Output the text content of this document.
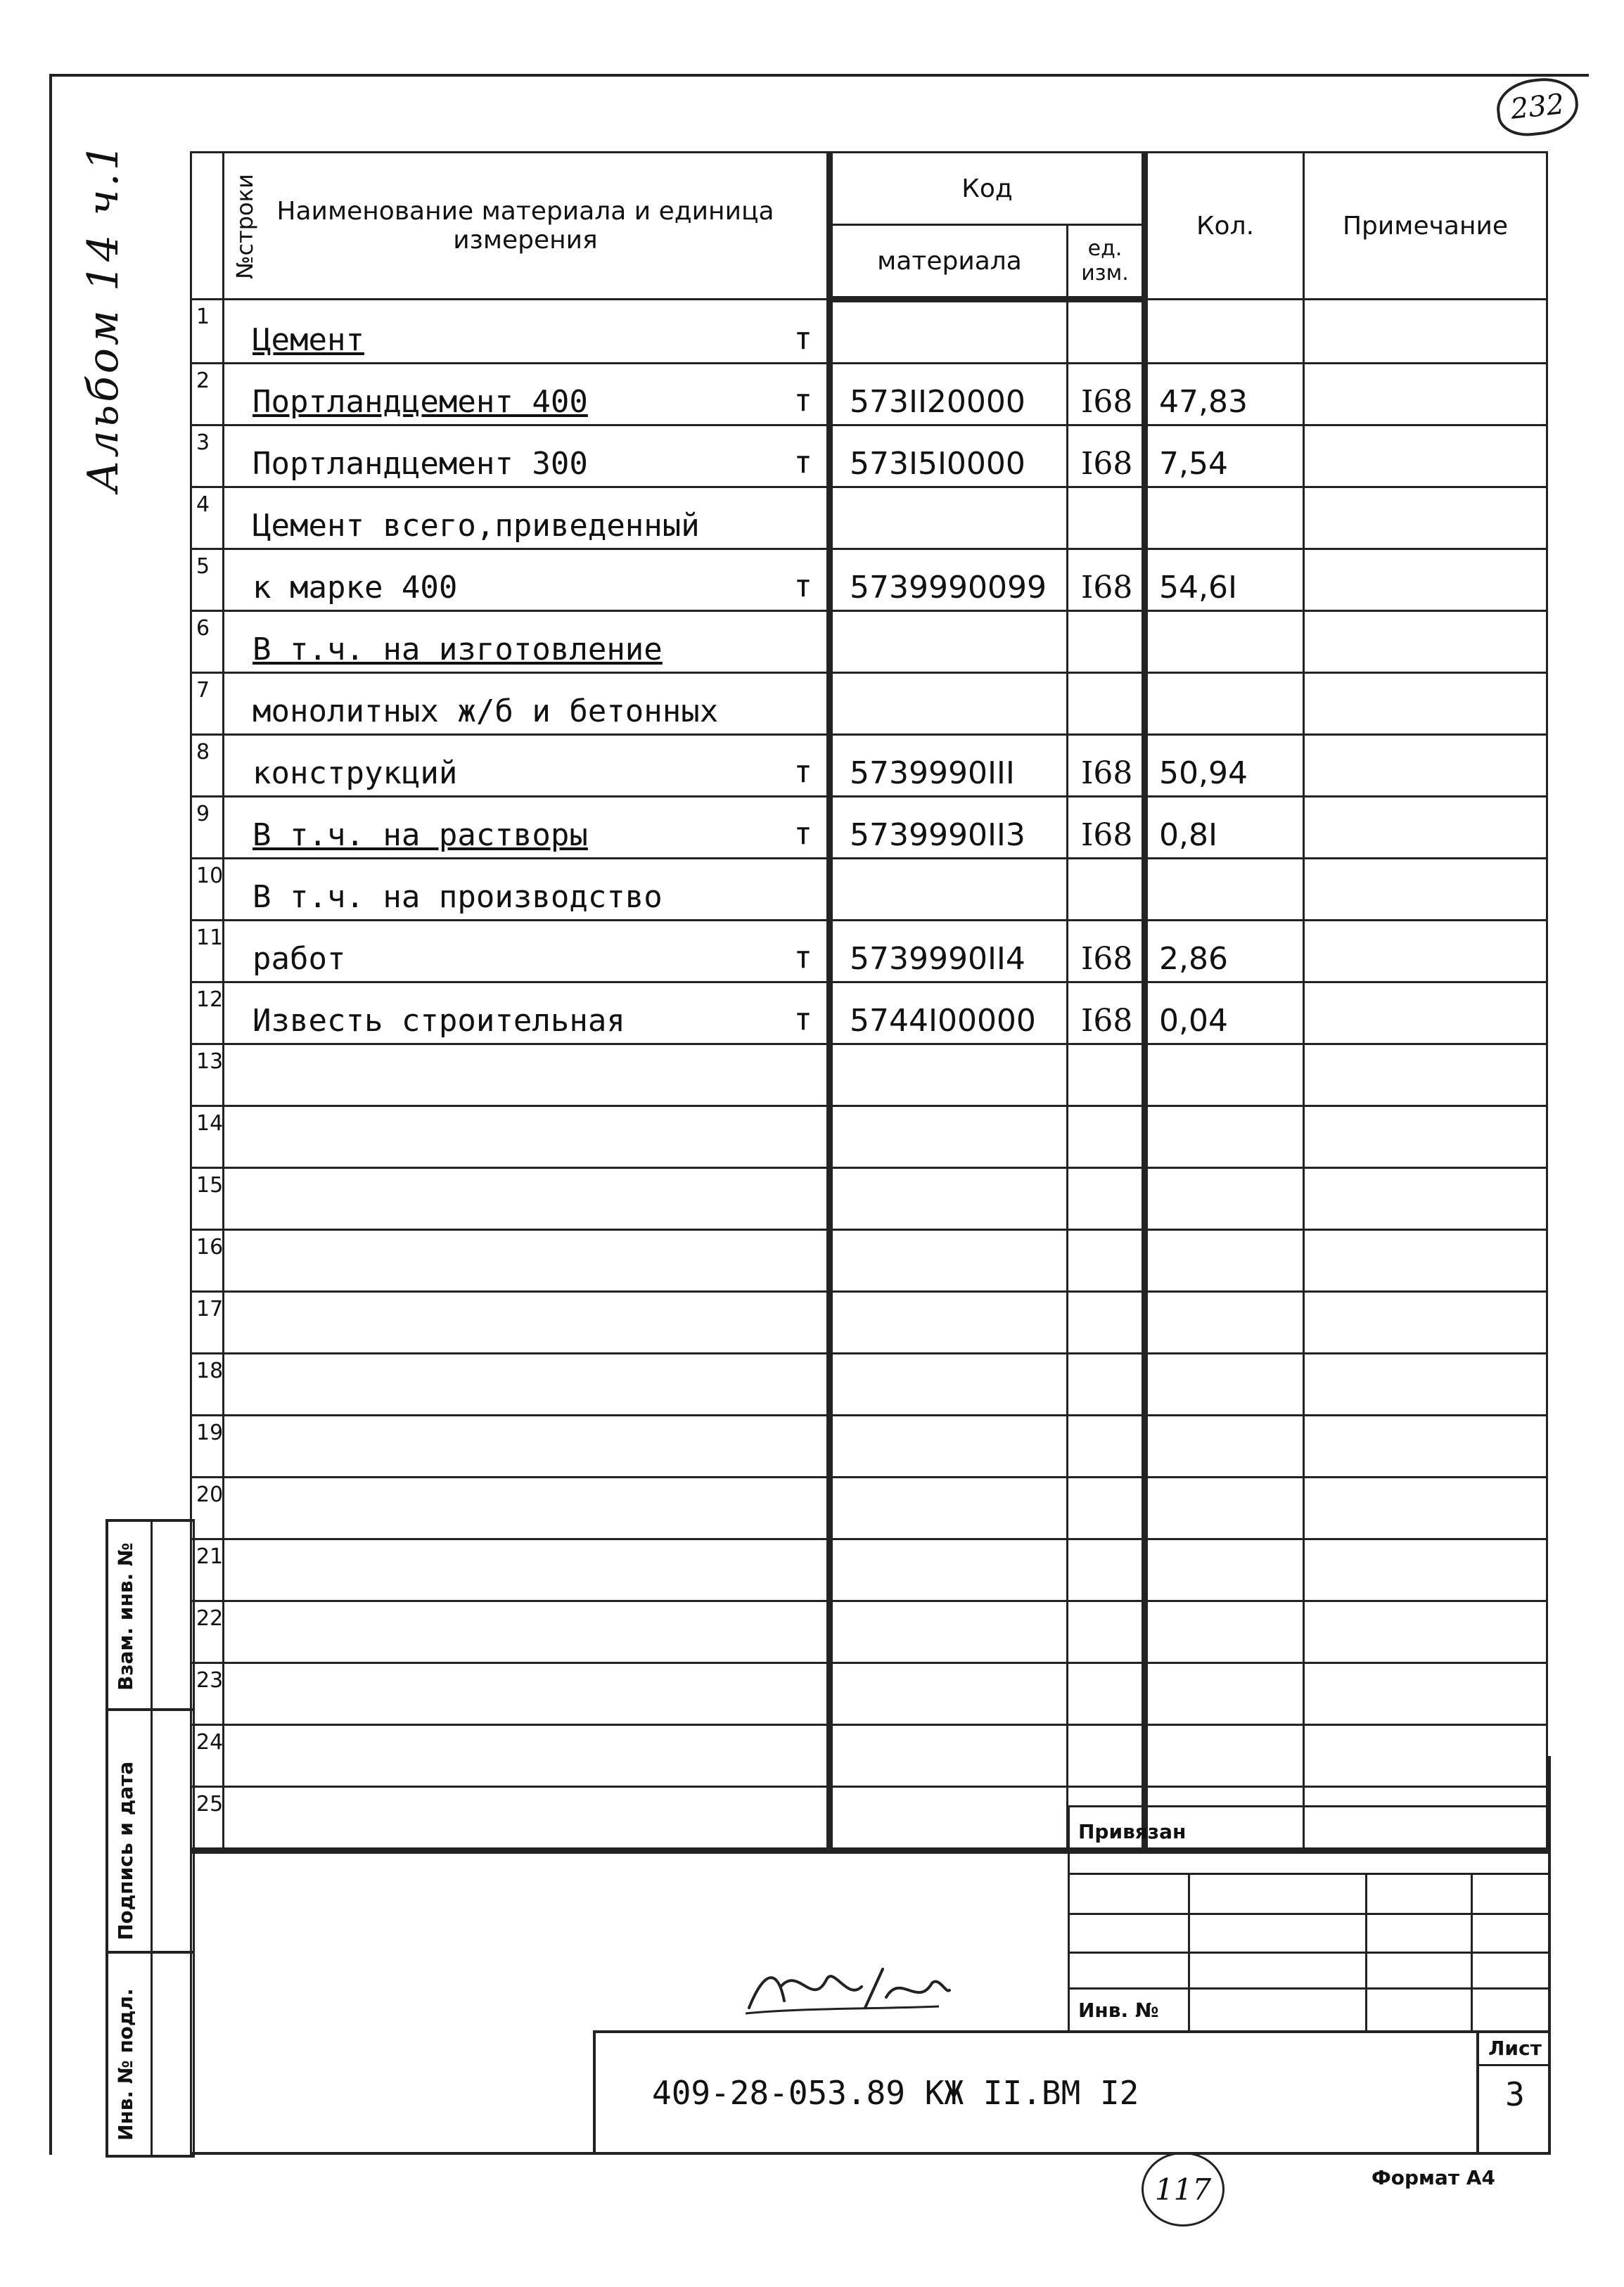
232
Альбом 14 ч.1	№строки	Наименование материала и единица измерения	Код		Кол.	Примечание
		материала	ед. изм.		
1	Цемент т				

2	Портландцемент 400 т	573II20000	I68	47,83	
3	Портландцемент 300 т	573I5I0000	I68	7,54	
4	Цемент всего,приведенный

5	к марке 400 т	5739990099	I68	54,6I	
6	В т.ч. на изготовление

7	монолитных ж/б и бетонных

8	конструкций т	5739990III	I68	50,94	
9	В т.ч. на растворы т	5739990II3	I68	0,8I	
10	В т.ч. на производство

11	работ т	5739990II4	I68	2,86	
12	Известь строительная т	5744I00000	I68	0,04	
13	

14	

15	

16	

17	

18	

19	

20	

21	

22	

23	

24	

25	

Взам. инв. №
Подпись и дата
Инв. № подл.
Привязан
Инв. №
409-28-053.89 КЖ II.ВМ I2
Лист
3
117	Формат А4
